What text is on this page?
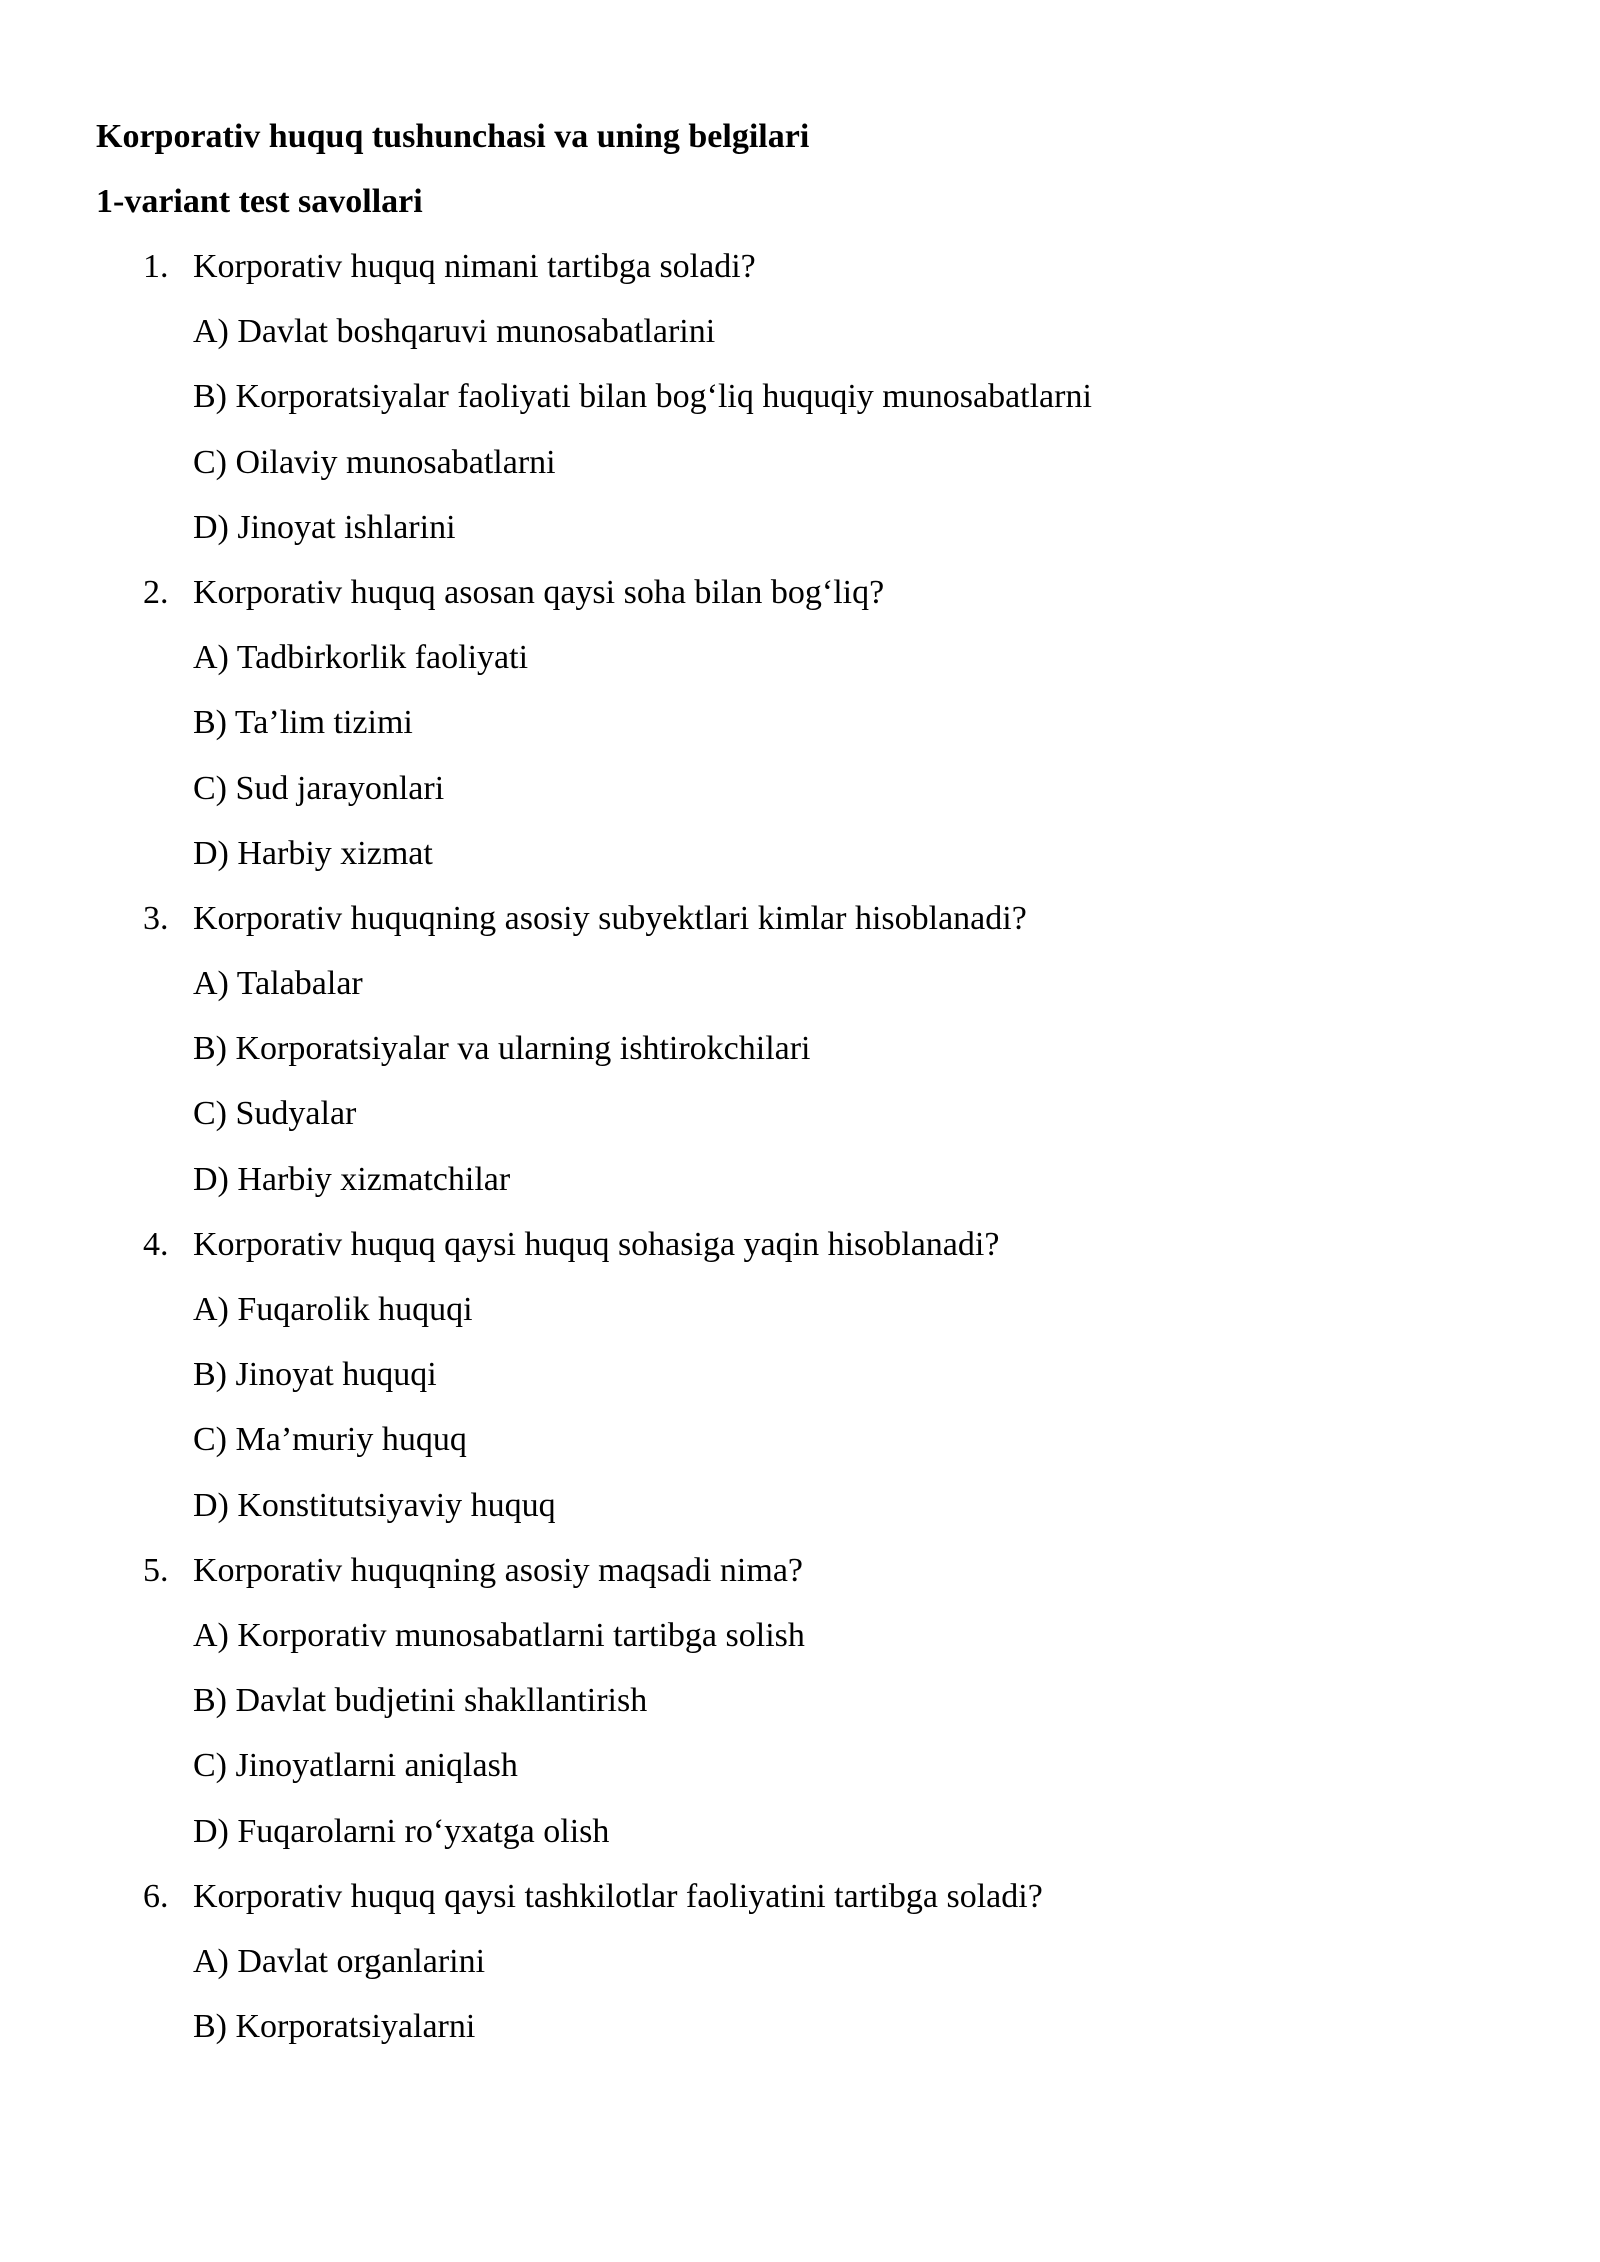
Korporativ huquq tushunchasi va uning belgilari
1-variant test savollari
1. Korporativ huquq nimani tartibga soladi?
A) Davlat boshqaruvi munosabatlarini
B) Korporatsiyalar faoliyati bilan bog‘liq huquqiy munosabatlarni
C) Oilaviy munosabatlarni
D) Jinoyat ishlarini
2. Korporativ huquq asosan qaysi soha bilan bog‘liq?
A) Tadbirkorlik faoliyati
B) Ta’lim tizimi
C) Sud jarayonlari
D) Harbiy xizmat
3. Korporativ huquqning asosiy subyektlari kimlar hisoblanadi?
A) Talabalar
B) Korporatsiyalar va ularning ishtirokchilari
C) Sudyalar
D) Harbiy xizmatchilar
4. Korporativ huquq qaysi huquq sohasiga yaqin hisoblanadi?
A) Fuqarolik huquqi
B) Jinoyat huquqi
C) Ma’muriy huquq
D) Konstitutsiyaviy huquq
5. Korporativ huquqning asosiy maqsadi nima?
A) Korporativ munosabatlarni tartibga solish
B) Davlat budjetini shakllantirish
C) Jinoyatlarni aniqlash
D) Fuqarolarni ro‘yxatga olish
6. Korporativ huquq qaysi tashkilotlar faoliyatini tartibga soladi?
A) Davlat organlarini
B) Korporatsiyalarni
